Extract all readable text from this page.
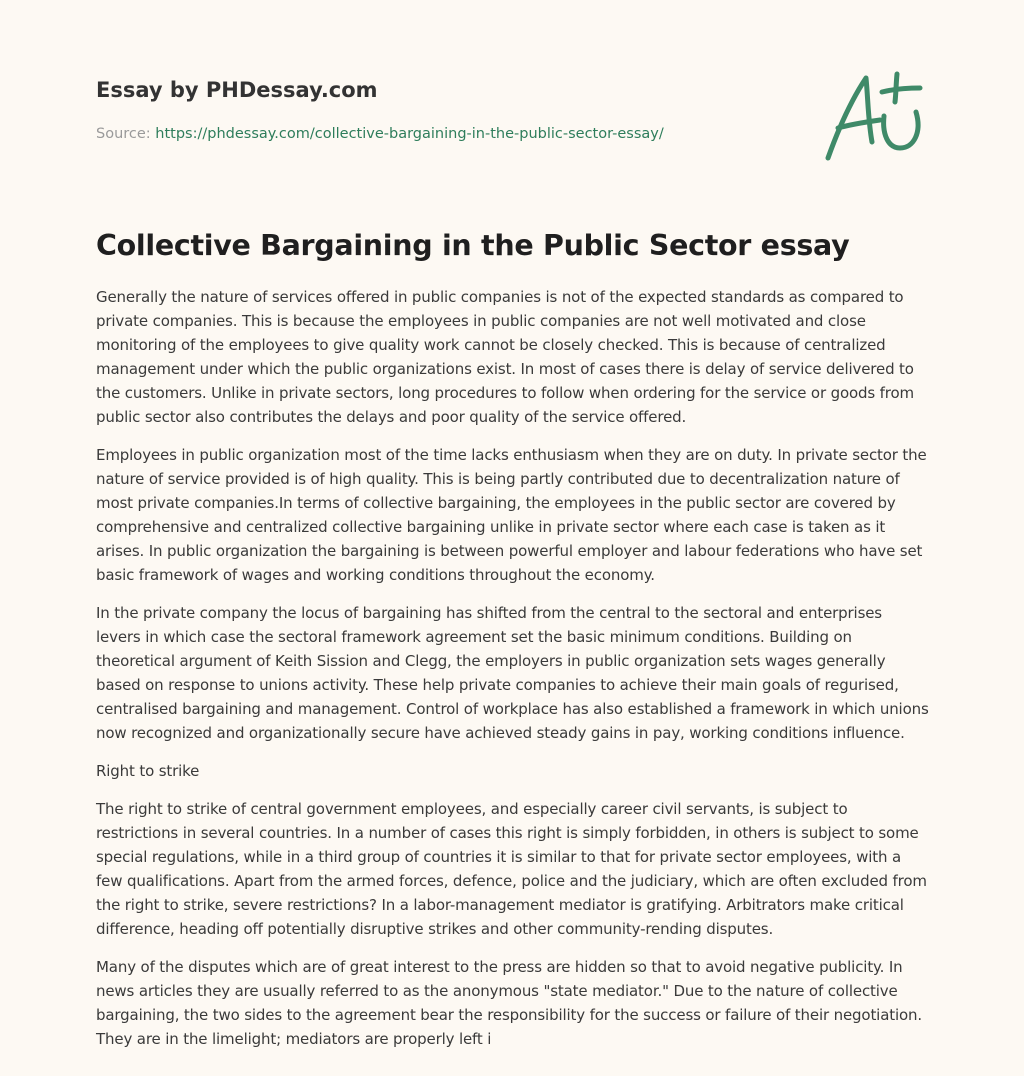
Essay by PHDessay.com
Source: https://phdessay.com/collective-bargaining-in-the-public-sector-essay/
Collective Bargaining in the Public Sector essay

Generally the nature of services offered in public companies is not of the expected standards as compared to private companies. This is because the employees in public companies are not well motivated and close monitoring of the employees to give quality work cannot be closely checked. This is because of centralized management under which the public organizations exist. In most of cases there is delay of service delivered to the customers. Unlike in private sectors, long procedures to follow when ordering for the service or goods from public sector also contributes the delays and poor quality of the service offered.

Employees in public organization most of the time lacks enthusiasm when they are on duty. In private sector the nature of service provided is of high quality. This is being partly contributed due to decentralization nature of most private companies.In terms of collective bargaining, the employees in the public sector are covered by comprehensive and centralized collective bargaining unlike in private sector where each case is taken as it arises. In public organization the bargaining is between powerful employer and labour federations who have set basic framework of wages and working conditions throughout the economy.

In the private company the locus of bargaining has shifted from the central to the sectoral and enterprises levers in which case the sectoral framework agreement set the basic minimum conditions. Building on theoretical argument of Keith Sission and Clegg, the employers in public organization sets wages generally based on response to unions activity. These help private companies to achieve their main goals of regurised, centralised bargaining and management. Control of workplace has also established a framework in which unions now recognized and organizationally secure have achieved steady gains in pay, working conditions influence.

Right to strike

The right to strike of central government employees, and especially career civil servants, is subject to restrictions in several countries. In a number of cases this right is simply forbidden, in others is subject to some special regulations, while in a third group of countries it is similar to that for private sector employees, with a few qualifications. Apart from the armed forces, defence, police and the judiciary, which are often excluded from the right to strike, severe restrictions? In a labor-management mediator is gratifying. Arbitrators make critical difference, heading off potentially disruptive strikes and other community-rending disputes.

Many of the disputes which are of great interest to the press are hidden so that to avoid negative publicity. In news articles they are usually referred to as the anonymous "state mediator." Due to the nature of collective bargaining, the two sides to the agreement bear the responsibility for the success or failure of their negotiation. They are in the limelight; mediators are properly left i
